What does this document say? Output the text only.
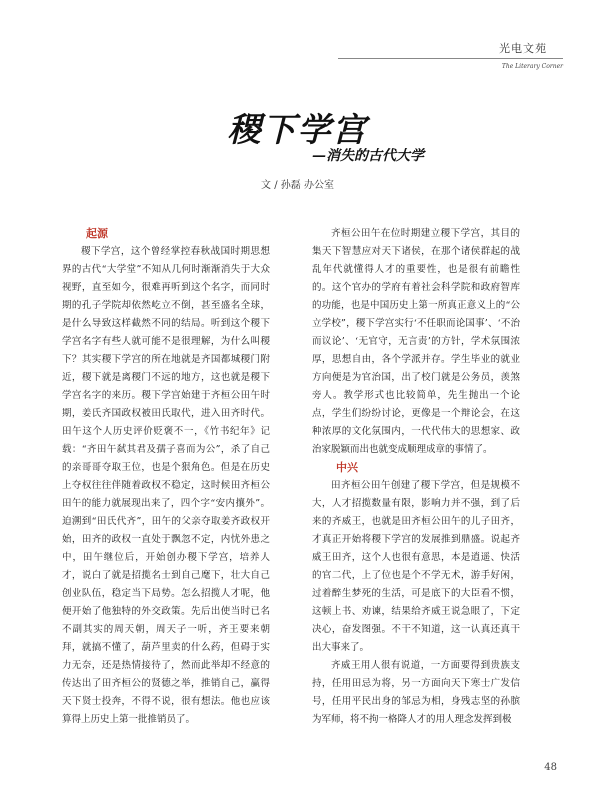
光电文苑
The Literary Corner
稷下学宫
—消失的古代大学
文 / 孙磊 办公室
起源

稷下学宫，这个曾经掌控春秋战国时期思想界的古代“大学堂”不知从几何时渐渐消失于大众视野，直至如今，很难再听到这个名字，而同时期的孔子学院却依然屹立不倒，甚至盛名全球，是什么导致这样截然不同的结局。听到这个稷下学宫名字有些人就可能不是很理解，为什么叫稷下？其实稷下学宫的所在地就是齐国都城稷门附近，稷下就是离稷门不远的地方，这也就是稷下学宫名字的来历。稷下学宫始建于齐桓公田午时期，姜氏齐国政权被田氏取代，进入田齐时代。田午这个人历史评价贬褒不一，《竹书纪年》记载：“齐田午弑其君及孺子喜而为公”，杀了自己的亲哥哥夺取王位，也是个狠角色。但是在历史上夺权往往伴随着政权不稳定，这时候田齐桓公田午的能力就展现出来了，四个字“安内攘外”。迫溯到“田氏代齐”，田午的父亲夺取姜齐政权开始，田齐的政权一直处于飘忽不定，内忧外患之中，田午继位后，开始创办稷下学宫，培养人才，说白了就是招揽名士到自己麾下，壮大自己创业队伍，稳定当下局势。怎么招揽人才呢，他便开始了他独特的外交政策。先后出使当时已名不副其实的周天朝，周天子一听，齐王要来朝拜，就搞不懂了，葫芦里卖的什么药，但碍于实力无奈，还是热情接待了，然而此举却不经意的传达出了田齐桓公的贤德之举，推销自己，赢得天下贤士投奔，不得不说，很有想法。他也应该算得上历史上第一批推销员了。

齐桓公田午在位时期建立稷下学宫，其目的集天下智慧应对天下诸侯，在那个诸侯群起的战乱年代就懂得人才的重要性，也是很有前瞻性的。这个官办的学府有着社会科学院和政府智库的功能，也是中国历史上第一所真正意义上的“公立学校”，稷下学宫实行‘不任职而论国事’、‘不治而议论’、‘无官守，无言责’的方针，学术氛围浓厚，思想自由，各个学派并存。学生毕业的就业方向便是为官治国，出了校门就是公务员，羡煞旁人。教学形式也比较简单，先生抛出一个论点，学生们纷纷讨论，更像是一个辩论会，在这种浓厚的文化氛围内，一代代伟大的思想家、政治家脱颖而出也就变成顺理成章的事情了。

中兴

田齐桓公田午创建了稷下学宫，但是规模不大，人才招揽数量有限，影响力并不强，到了后来的齐威王，也就是田齐桓公田午的儿子田齐，才真正开始将稷下学宫的发展推到鼎盛。说起齐威王田齐，这个人也很有意思，本是逍遥、快活的官二代，上了位也是个不学无术，游手好闲，过着醉生梦死的生活，可是底下的大臣看不惯，这顿上书、劝谏，结果给齐威王说急眼了，下定决心，奋发图强。不干不知道，这一认真还真干出大事来了。

齐威王用人很有说道，一方面要得到贵族支持，任用田忌为将，另一方面向天下寒士广发信号，任用平民出身的邹忌为相，身残志坚的孙膑为军师，将不拘一格降人才的用人理念发挥到极

48
